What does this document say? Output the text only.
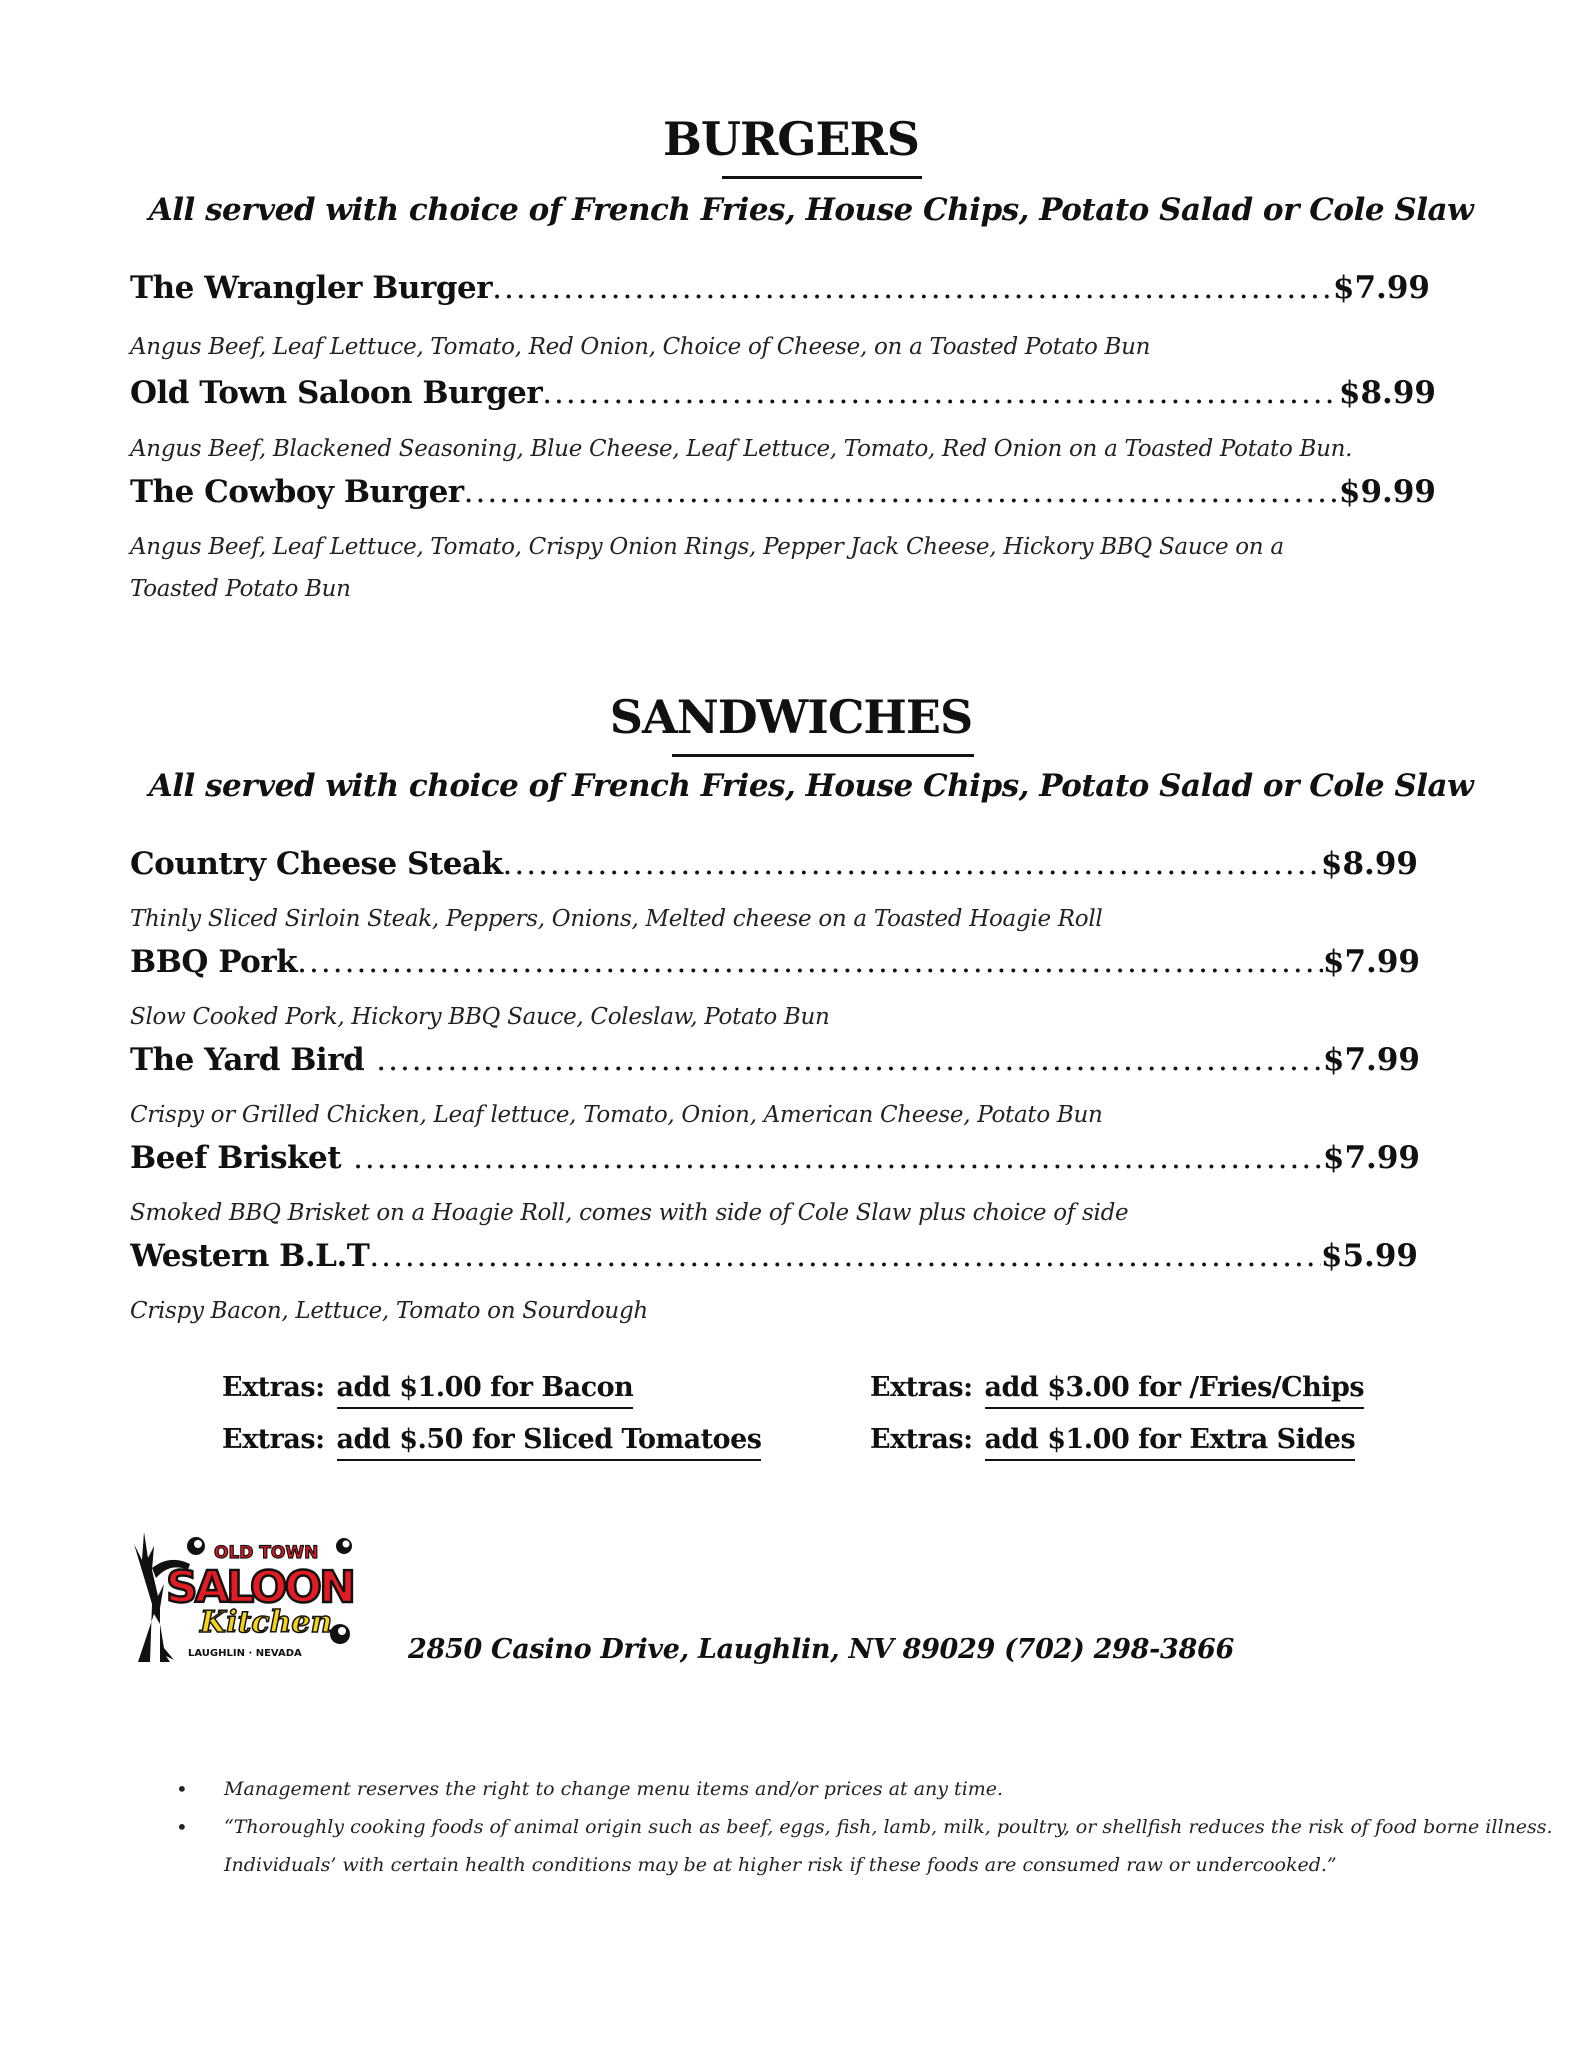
BURGERS
All served with choice of French Fries, House Chips, Potato Salad or Cole Slaw
The Wrangler Burger .....	$7.99
Angus Beef, Leaf Lettuce, Tomato, Red Onion, Choice of Cheese, on a Toasted Potato Bun
Old Town Saloon Burger .....	$8.99
Angus Beef, Blackened Seasoning, Blue Cheese, Leaf Lettuce, Tomato, Red Onion on a Toasted Potato Bun.
The Cowboy Burger .....	$9.99
Angus Beef, Leaf Lettuce, Tomato, Crispy Onion Rings, Pepper Jack Cheese, Hickory BBQ Sauce on a
Toasted Potato Bun
SANDWICHES
All served with choice of French Fries, House Chips, Potato Salad or Cole Slaw
Country Cheese Steak .....	$8.99
Thinly Sliced Sirloin Steak, Peppers, Onions, Melted cheese on a Toasted Hoagie Roll
BBQ Pork .....	$7.99
Slow Cooked Pork, Hickory BBQ Sauce, Coleslaw, Potato Bun
The Yard Bird .....	$7.99
Crispy or Grilled Chicken, Leaf lettuce, Tomato, Onion, American Cheese, Potato Bun
Beef Brisket .....	$7.99
Smoked BBQ Brisket on a Hoagie Roll, comes with side of Cole Slaw plus choice of side
Western B.L.T .....	$5.99
Crispy Bacon, Lettuce, Tomato on Sourdough
Extras: add $1.00 for Bacon	Extras: add $3.00 for /Fries/Chips
Extras: add $.50 for Sliced Tomatoes	Extras: add $1.00 for Extra Sides
OLD TOWN
SALOON
Kitchen
LAUGHLIN · NEVADA	2850 Casino Drive, Laughlin, NV 89029 (702) 298-3866
• Management reserves the right to change menu items and/or prices at any time.
• “Thoroughly cooking foods of animal origin such as beef, eggs, fish, lamb, milk, poultry, or shellfish reduces the risk of food borne illness.
Individuals’ with certain health conditions may be at higher risk if these foods are consumed raw or undercooked.”
